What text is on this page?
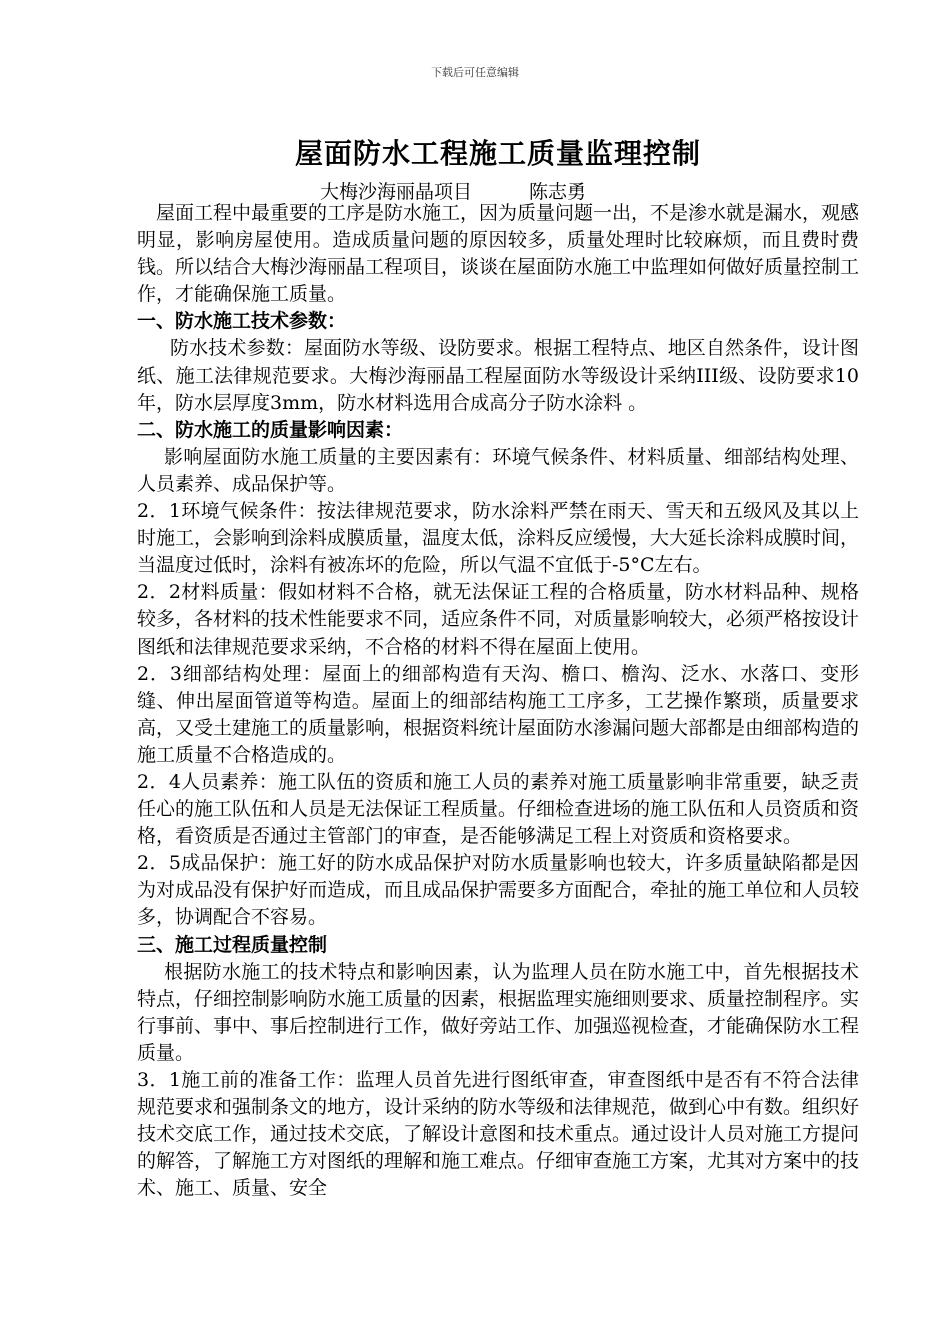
下载后可任意编辑
屋面防水工程施工质量监理控制
大梅沙海丽晶项目　　　陈志勇

屋面工程中最重要的工序是防水施工，因为质量问题一出，不是渗水就是漏水，观感明显，影响房屋使用。造成质量问题的原因较多，质量处理时比较麻烦，而且费时费钱。所以结合大梅沙海丽晶工程项目，谈谈在屋面防水施工中监理如何做好质量控制工作，才能确保施工质量。

一、防水施工技术参数：

防水技术参数：屋面防水等级、设防要求。根据工程特点、地区自然条件，设计图纸、施工法律规范要求。大梅沙海丽晶工程屋面防水等级设计采纳III级、设防要求10年，防水层厚度3mm，防水材料选用合成高分子防水涂料 。

二、防水施工的质量影响因素：

影响屋面防水施工质量的主要因素有：环境气候条件、材料质量、细部结构处理、人员素养、成品保护等。

2．1环境气候条件：按法律规范要求，防水涂料严禁在雨天、雪天和五级风及其以上时施工，会影响到涂料成膜质量，温度太低，涂料反应缓慢，大大延长涂料成膜时间，当温度过低时，涂料有被冻坏的危险，所以气温不宜低于-5°C左右。

2．2材料质量：假如材料不合格，就无法保证工程的合格质量，防水材料品种、规格较多，各材料的技术性能要求不同，适应条件不同，对质量影响较大，必须严格按设计图纸和法律规范要求采纳，不合格的材料不得在屋面上使用。

2．3细部结构处理：屋面上的细部构造有天沟、檐口、檐沟、泛水、水落口、变形缝、伸出屋面管道等构造。屋面上的细部结构施工工序多，工艺操作繁琐，质量要求高，又受土建施工的质量影响，根据资料统计屋面防水渗漏问题大部都是由细部构造的施工质量不合格造成的。

2．4人员素养：施工队伍的资质和施工人员的素养对施工质量影响非常重要，缺乏责任心的施工队伍和人员是无法保证工程质量。仔细检查进场的施工队伍和人员资质和资格，看资质是否通过主管部门的审查，是否能够满足工程上对资质和资格要求。

2．5成品保护：施工好的防水成品保护对防水质量影响也较大，许多质量缺陷都是因为对成品没有保护好而造成，而且成品保护需要多方面配合，牵扯的施工单位和人员较多，协调配合不容易。

三、施工过程质量控制

根据防水施工的技术特点和影响因素，认为监理人员在防水施工中，首先根据技术特点，仔细控制影响防水施工质量的因素，根据监理实施细则要求、质量控制程序。实行事前、事中、事后控制进行工作，做好旁站工作、加强巡视检查，才能确保防水工程质量。

3．1施工前的准备工作：监理人员首先进行图纸审查，审查图纸中是否有不符合法律规范要求和强制条文的地方，设计采纳的防水等级和法律规范，做到心中有数。组织好技术交底工作，通过技术交底，了解设计意图和技术重点。通过设计人员对施工方提问的解答，了解施工方对图纸的理解和施工难点。仔细审查施工方案，尤其对方案中的技术、施工、质量、安全
